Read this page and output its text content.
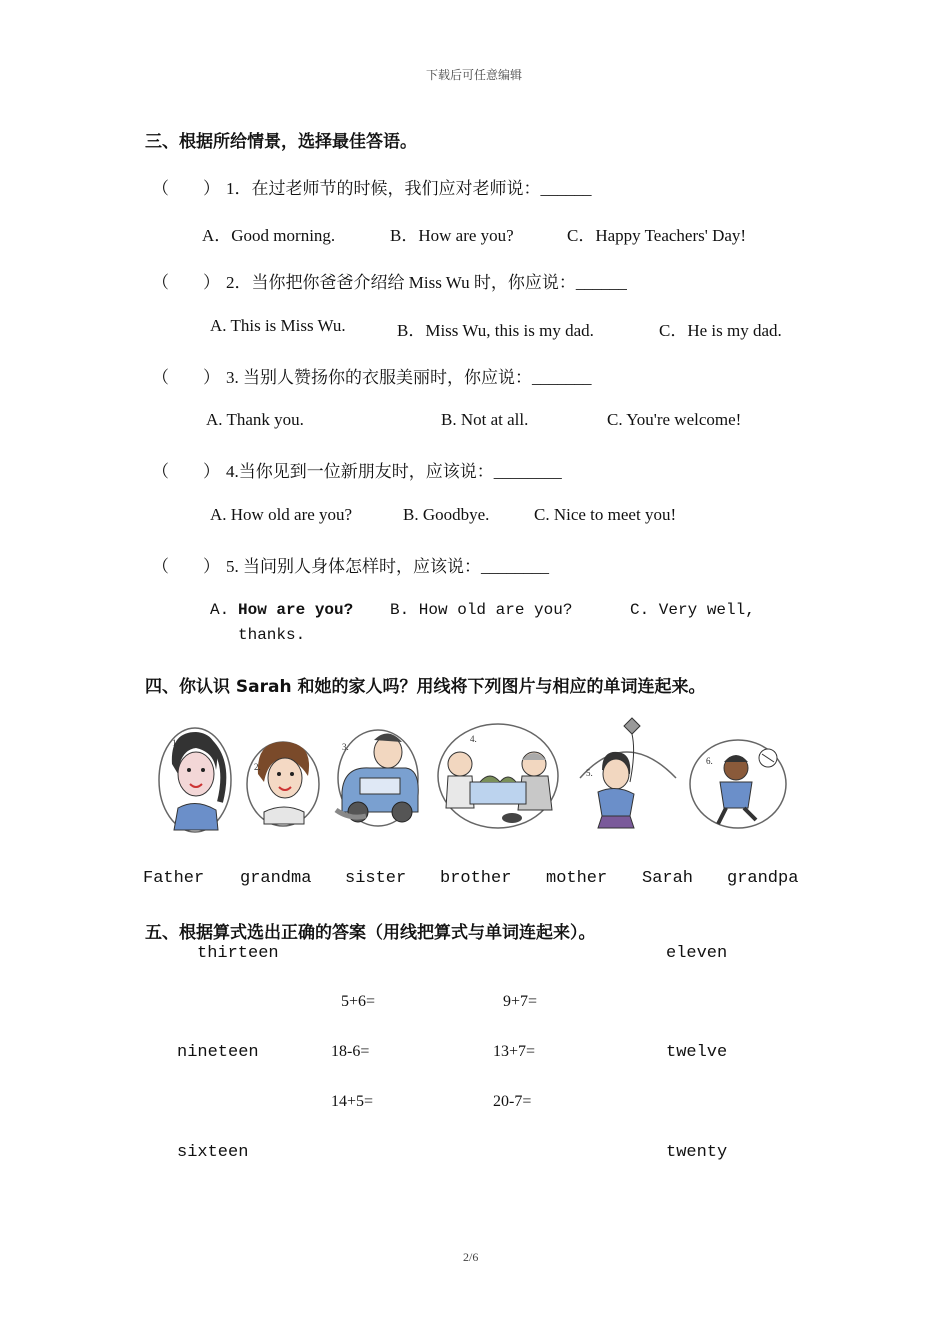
下载后可任意编辑
三、根据所给情景，选择最佳答语。
（　　） 1．在过老师节的时候，我们应对老师说：______
A．Good morning.	B．How are you?	C．Happy Teachers' Day!
（　　） 2．当你把你爸爸介绍给 Miss Wu 时，你应说：______
A. This is Miss Wu.	B．Miss Wu, this is my dad.	C．He is my dad.
（　　） 3. 当别人赞扬你的衣服美丽时，你应说：_______
A. Thank you.	B. Not at all.	C. You're welcome!
（　　） 4.当你见到一位新朋友时，应该说：________
A. How old are you?	B. Goodbye.	C. Nice to meet you!
（　　） 5. 当问别人身体怎样时，应该说：________
A. How are you? B. How old are you?	C. Very well,
thanks.
四、你认识 Sarah 和她的家人吗？用线将下列图片与相应的单词连起来。
1.
2.
3.
4.
5.
6.
Father grandma sister brother mother Sarah grandpa
五、根据算式选出正确的答案（用线把算式与单词连起来）。
thirteen
nineteen
sixteen
eleven
twelve
twenty
5+6=
18-6=
14+5=
9+7=
13+7=
20-7=
2/6
